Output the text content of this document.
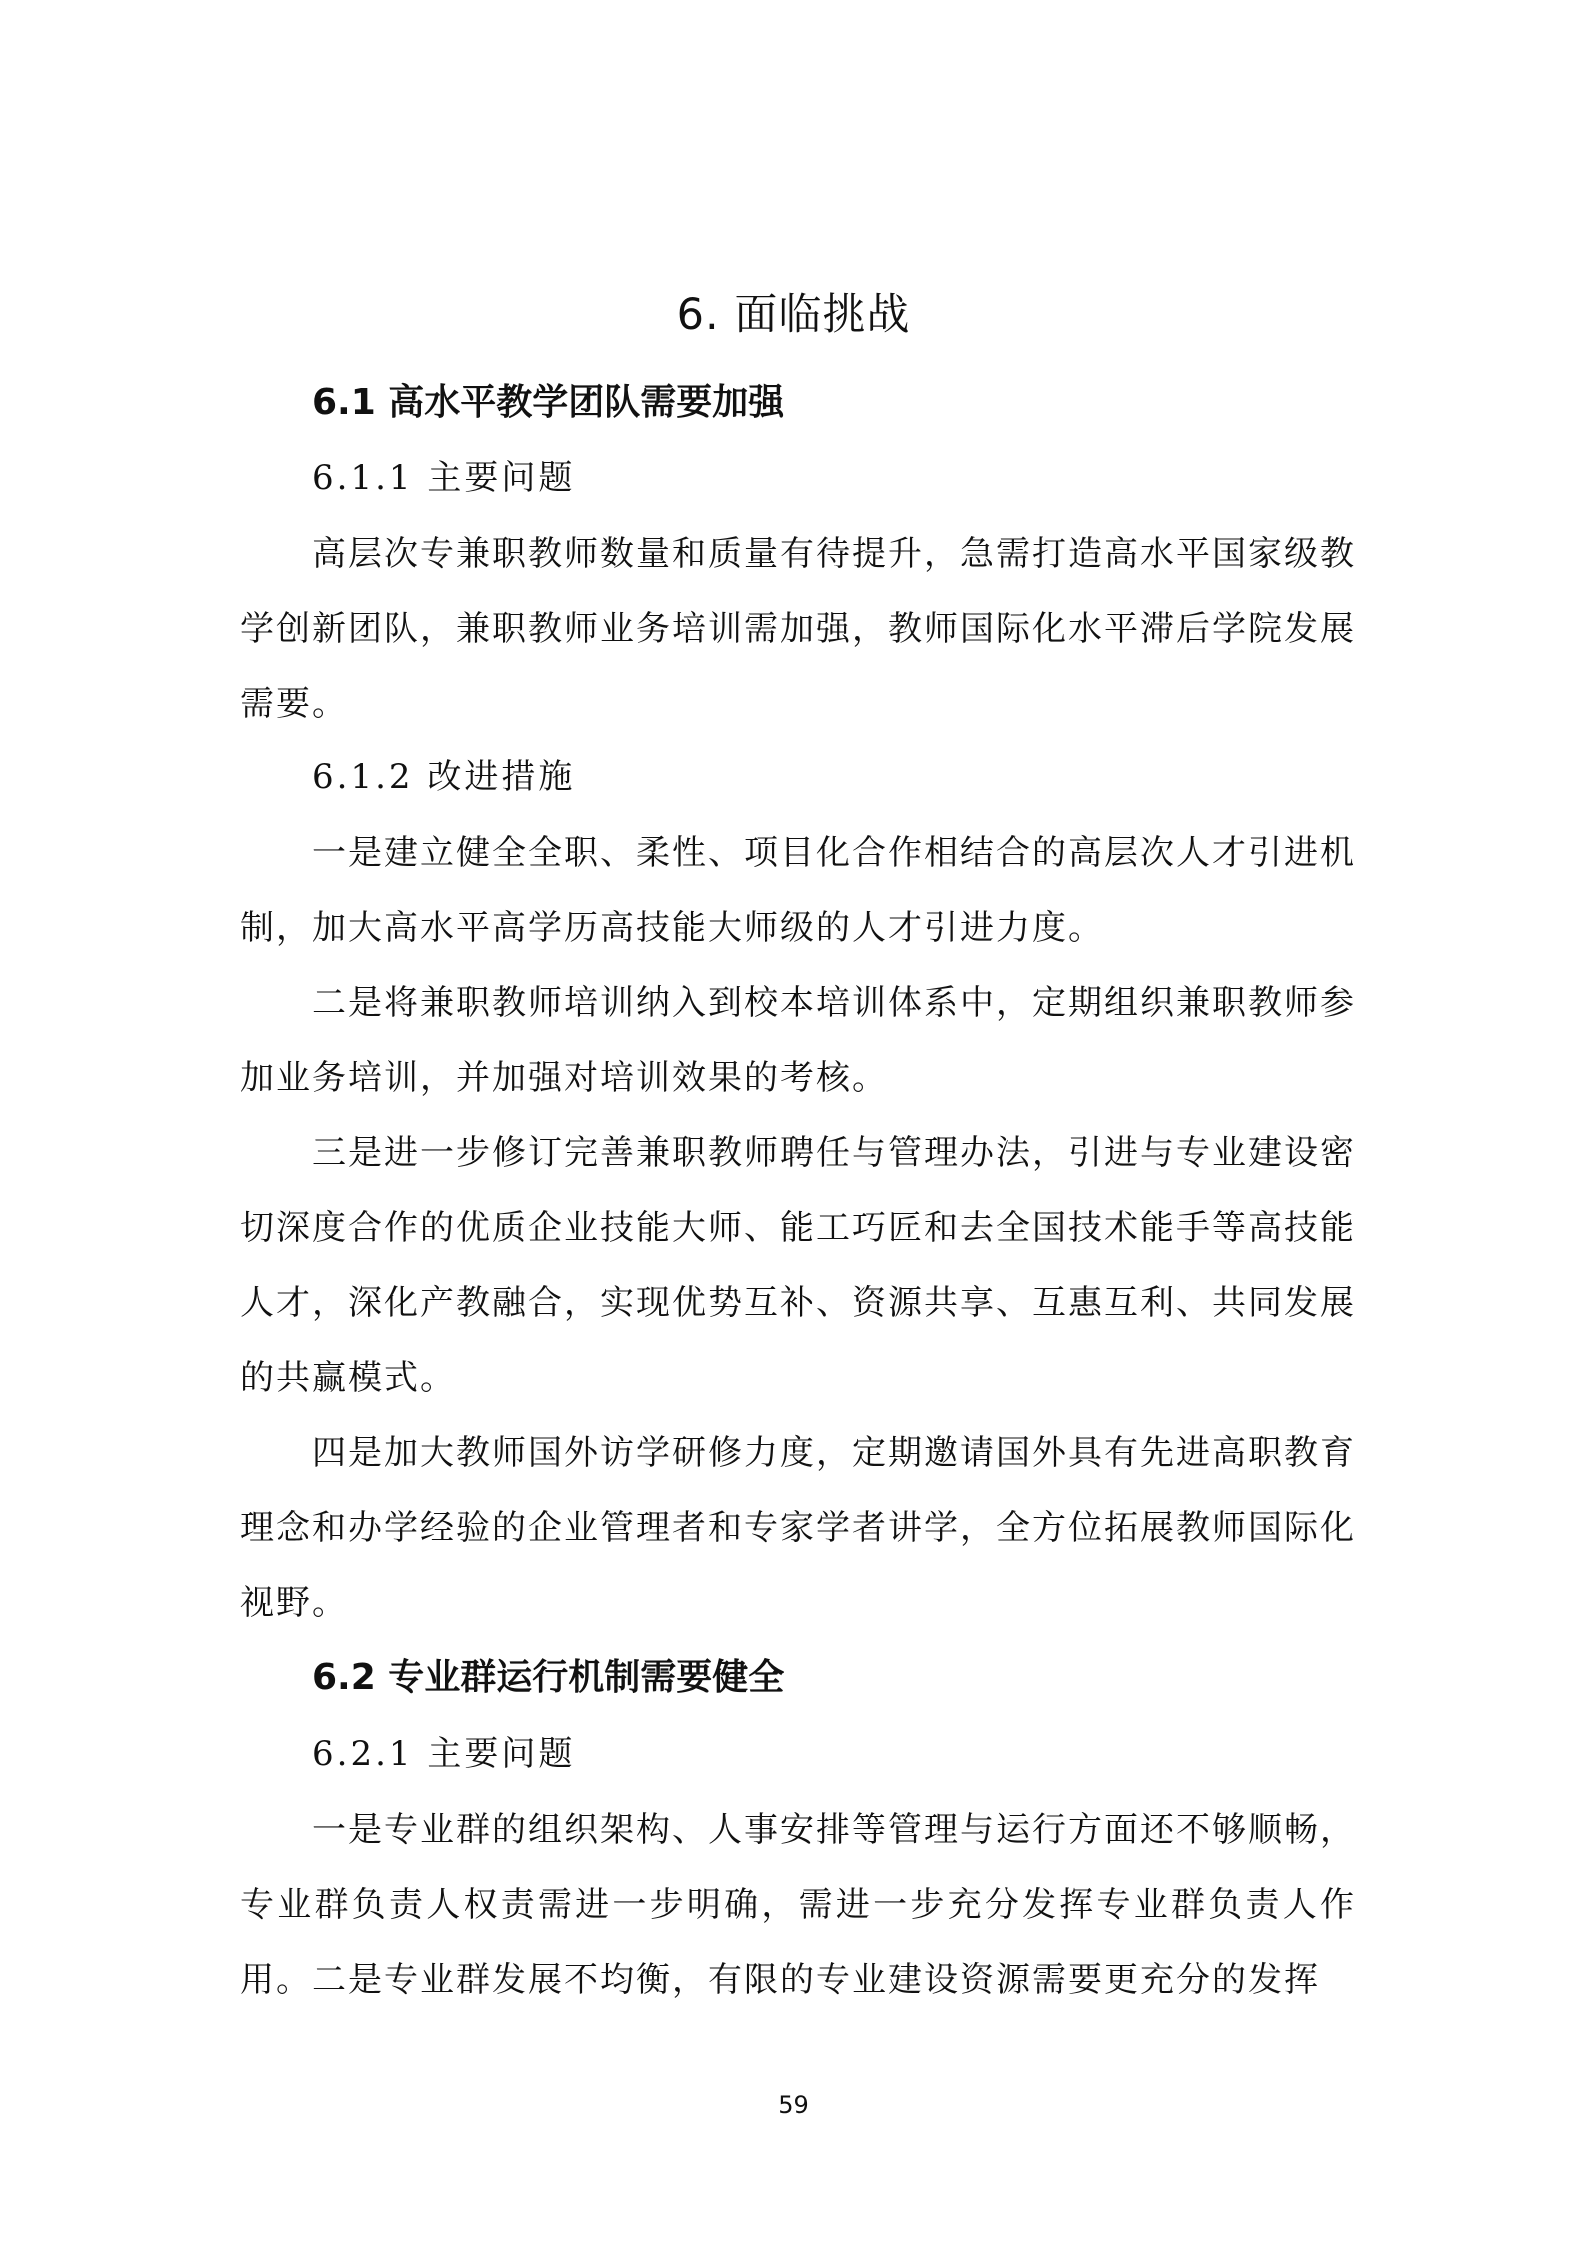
6. 面临挑战
6.1 高水平教学团队需要加强
6.1.1 主要问题
高层次专兼职教师数量和质量有待提升，急需打造高水平国家级教学创新团队，兼职教师业务培训需加强，教师国际化水平滞后学院发展需要。
6.1.2 改进措施
一是建立健全全职、柔性、项目化合作相结合的高层次人才引进机制，加大高水平高学历高技能大师级的人才引进力度。
二是将兼职教师培训纳入到校本培训体系中，定期组织兼职教师参加业务培训，并加强对培训效果的考核。
三是进一步修订完善兼职教师聘任与管理办法，引进与专业建设密切深度合作的优质企业技能大师、能工巧匠和去全国技术能手等高技能人才，深化产教融合，实现优势互补、资源共享、互惠互利、共同发展的共赢模式。
四是加大教师国外访学研修力度，定期邀请国外具有先进高职教育理念和办学经验的企业管理者和专家学者讲学，全方位拓展教师国际化视野。
6.2 专业群运行机制需要健全
6.2.1 主要问题
一是专业群的组织架构、人事安排等管理与运行方面还不够顺畅，专业群负责人权责需进一步明确，需进一步充分发挥专业群负责人作用。二是专业群发展不均衡，有限的专业建设资源需要更充分的发挥
59
